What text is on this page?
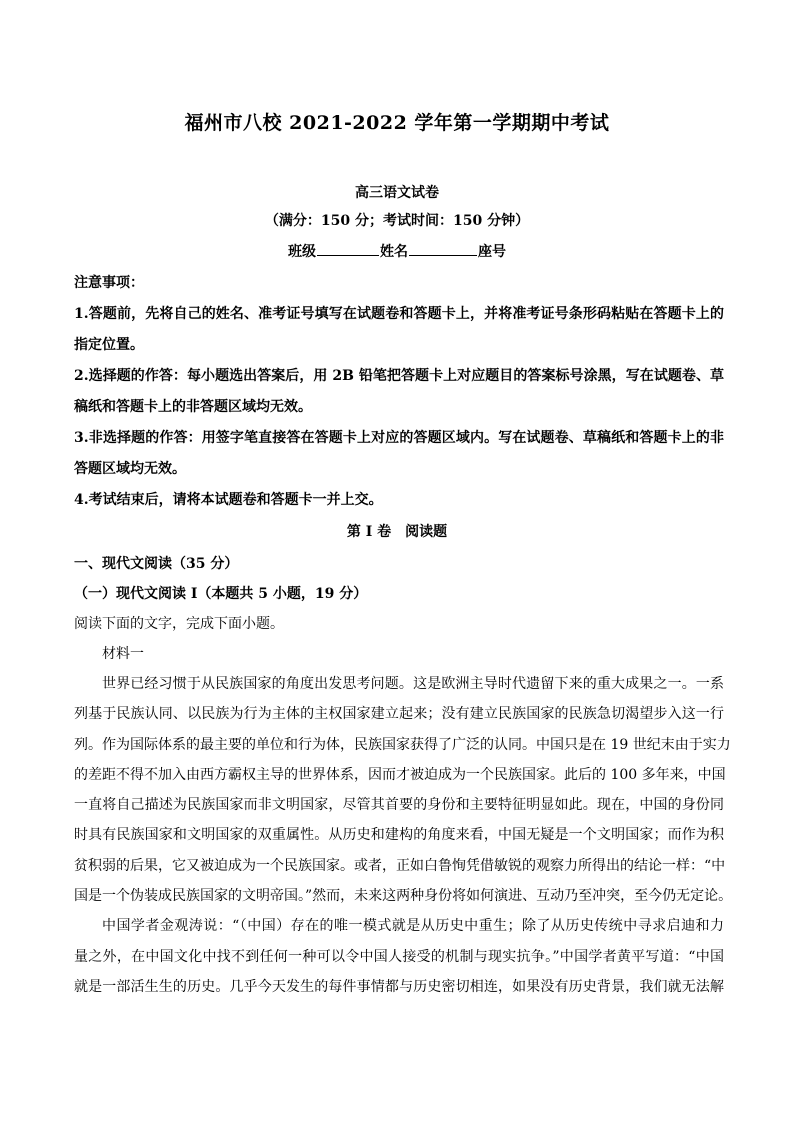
福州市八校 2021-2022 学年第一学期期中考试
高三语文试卷
（满分：150 分；考试时间：150 分钟）
班级	姓名	座号

注意事项：

1.答题前，先将自己的姓名、准考证号填写在试题卷和答题卡上，并将准考证号条形码粘贴在答题卡上的

指定位置。

2.选择题的作答：每小题选出答案后，用 2B 铅笔把答题卡上对应题目的答案标号涂黑，写在试题卷、草

稿纸和答题卡上的非答题区域均无效。

3.非选择题的作答：用签字笔直接答在答题卡上对应的答题区域内。写在试题卷、草稿纸和答题卡上的非

答题区域均无效。

4.考试结束后，请将本试题卷和答题卡一并上交。

第 Ⅰ 卷　阅读题

一、现代文阅读（35 分）

（一）现代文阅读 Ⅰ（本题共 5 小题，19 分）

阅读下面的文字，完成下面小题。

材料一

世界已经习惯于从民族国家的角度出发思考问题。这是欧洲主导时代遗留下来的重大成果之一。一系

列基于民族认同、以民族为行为主体的主权国家建立起来；没有建立民族国家的民族急切渴望步入这一行

列。作为国际体系的最主要的单位和行为体，民族国家获得了广泛的认同。中国只是在 19 世纪末由于实力

的差距不得不加入由西方霸权主导的世界体系，因而才被迫成为一个民族国家。此后的 100 多年来，中国

一直将自己描述为民族国家而非文明国家，尽管其首要的身份和主要特征明显如此。现在，中国的身份同

时具有民族国家和文明国家的双重属性。从历史和建构的角度来看，中国无疑是一个文明国家；而作为积

贫积弱的后果，它又被迫成为一个民族国家。或者，正如白鲁恂凭借敏锐的观察力所得出的结论一样：“中

国是一个伪装成民族国家的文明帝国。”然而，未来这两种身份将如何演进、互动乃至冲突，至今仍无定论。

中国学者金观涛说：“（中国）存在的唯一模式就是从历史中重生；除了从历史传统中寻求启迪和力

量之外，在中国文化中找不到任何一种可以令中国人接受的机制与现实抗争。”中国学者黄平写道：“中国

就是一部活生生的历史。几乎今天发生的每件事情都与历史密切相连，如果没有历史背景，我们就无法解
